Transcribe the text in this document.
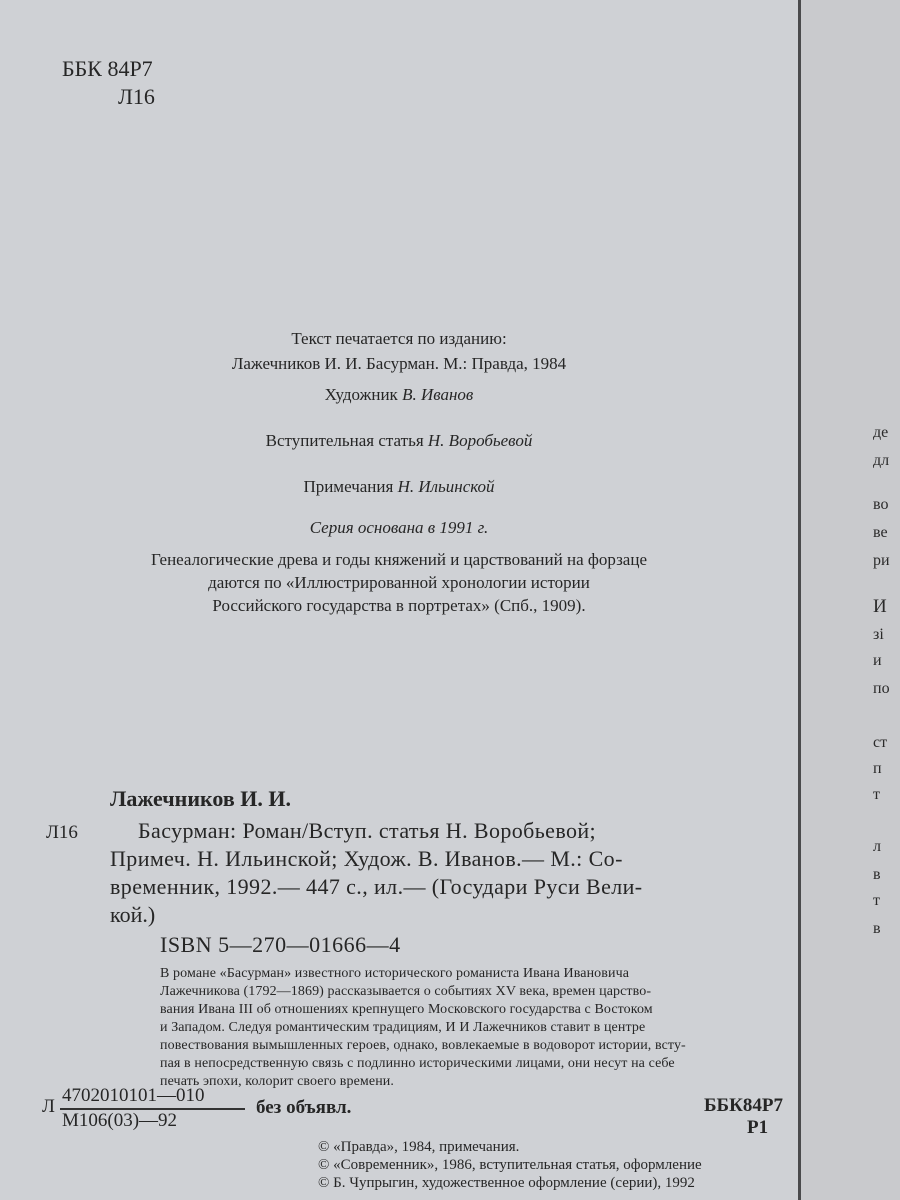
ББК 84Р7
Л16
Текст печатается по изданию:
Лажечников И. И. Басурман. М.: Правда, 1984
Художник В. Иванов
Вступительная статья Н. Воробьевой
Примечания Н. Ильинской
Серия основана в 1991 г.
Генеалогические древа и годы княжений и царствований на форзаце
даются по «Иллюстрированной хронологии истории
Российского государства в портретах» (Спб., 1909).
Лажечников И. И.
Л16	Басурман: Роман/Вступ. статья Н. Воробьевой;
Примеч. Н. Ильинской; Худож. В. Иванов.— М.: Со-
временник, 1992.— 447 с., ил.— (Государи Руси Вели-
кой.)
ISBN 5—270—01666—4
В романе «Басурман» известного исторического романиста Ивана Ивановича
Лажечникова (1792—1869) рассказывается о событиях XV века, времен царство-
вания Ивана III об отношениях крепнущего Московского государства с Востоком
и Западом. Следуя романтическим традициям, И И Лажечников ставит в центре
повествования вымышленных героев, однако, вовлекаемые в водоворот истории, всту-
пая в непосредственную связь с подлинно историческими лицами, они несут на себе
печать эпохи, колорит своего времени.
Л
4702010101—010
М106(03)—92
без объявл.	ББК84Р7
Р1
© «Правда», 1984, примечания.
© «Современник», 1986, вступительная статья, оформление
© Б. Чупрыгин, художественное оформление (серии), 1992
де
дл
во
ве
ри
И
зі
и
по
ст
п
т
л
в
т
в
